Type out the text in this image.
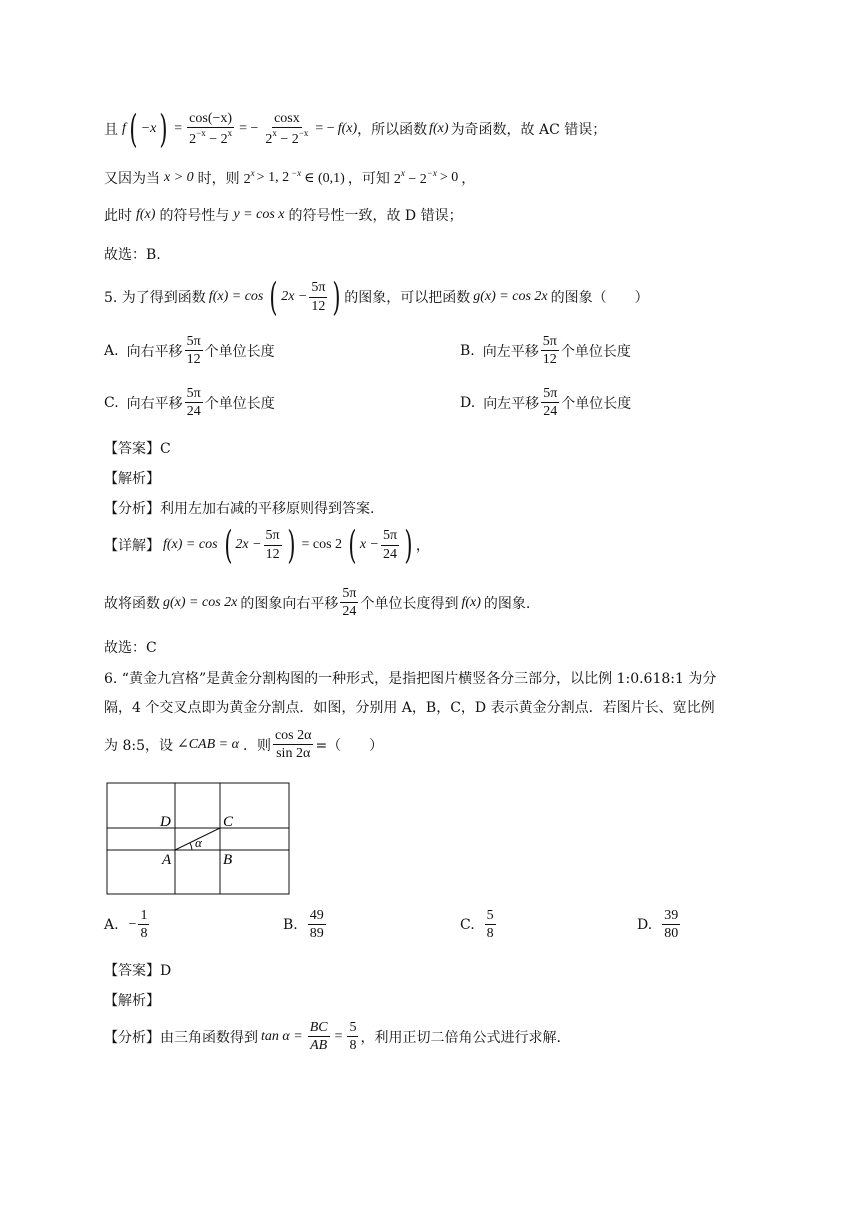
且 f ( −x ) = $\frac{\cos(-x)}{2^{-x} - 2^x}$ = − $\frac{\cos x}{2^x - 2^{-x}}$ = − f(x) ，所以函数 f(x) 为奇函数，故 AC 错误；
又因为当 x > 0 时，则 $2^x > 1$, 2 $^{-x}$ ∈ (0,1) ，可知 $2^x - 2^{-x} > 0$ ，
此时 f(x) 的符号性与 y = cos x 的符号性一致，故 D 错误；
故选：B.
5. 为了得到函数 f(x) = cos ( $2x - \frac{5\pi}{12}$ ) 的图象，可以把函数 g(x) = cos 2x 的图象（　　）
A. 向右平移 $\frac{5\pi}{12}$ 个单位长度	B. 向左平移 $\frac{5\pi}{12}$ 个单位长度
C. 向右平移 $\frac{5\pi}{24}$ 个单位长度	D. 向左平移 $\frac{5\pi}{24}$ 个单位长度
【答案】C
【解析】
【分析】利用左加右减的平移原则得到答案.
【详解】 f(x) = cos ( $2x - \frac{5\pi}{12}$ ) = cos 2 ( $x - \frac{5\pi}{24}$ ) ，
故将函数 g(x) = cos 2x 的图象向右平移 $\frac{5\pi}{24}$ 个单位长度得到 f(x) 的图象.
故选：C
6. “黄金九宫格”是黄金分割构图的一种形式，是指把图片横竖各分三部分，以比例 1:0.618:1 为分
隔，4 个交叉点即为黄金分割点．如图，分别用 A，B，C，D 表示黄金分割点．若图片长、宽比例
为 8:5，设 ∠CAB = α ．则 $\frac{\cos 2\alpha}{\sin 2\alpha}$ =（　　）
D	C
A	B
α
A. − $\frac{1}{8}$	B. $\frac{49}{89}$	C. $\frac{5}{8}$	D. $\frac{39}{80}$
【答案】D
【解析】
【分析】由三角函数得到 $\tan \alpha = \frac{BC}{AB} = \frac{5}{8}$ ，利用正切二倍角公式进行求解.
